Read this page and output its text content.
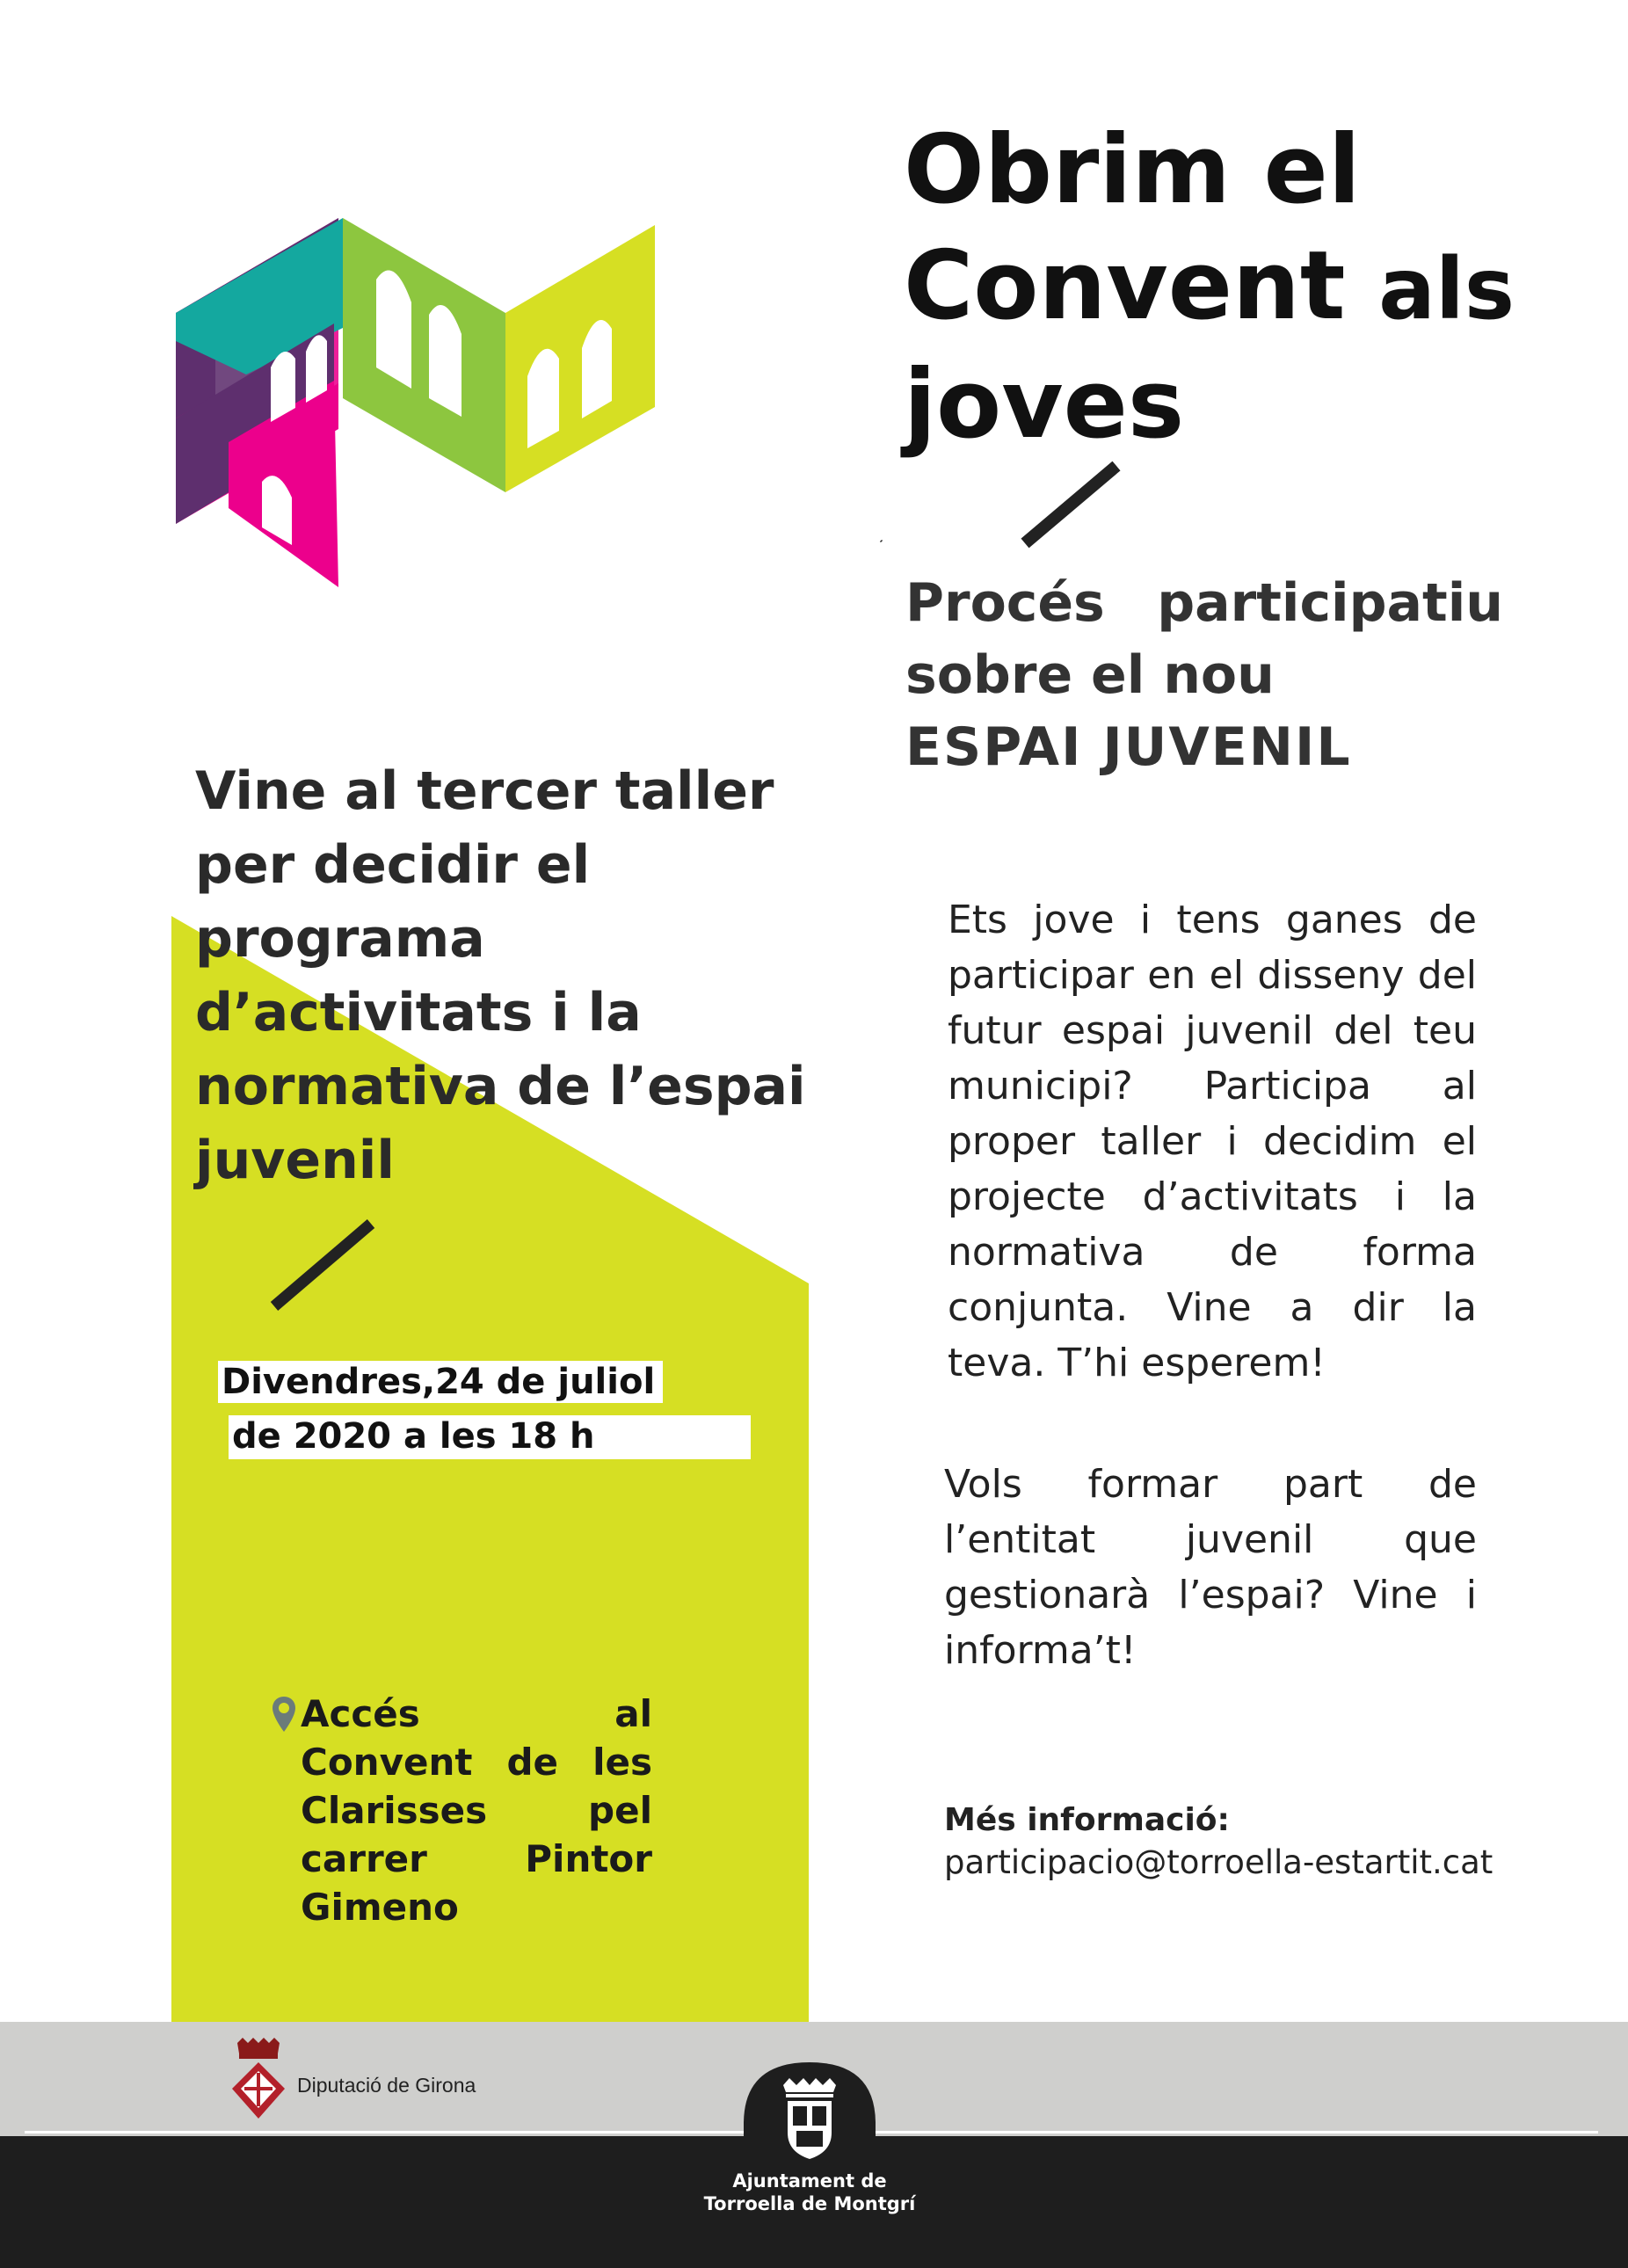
Obrim el
Convent als
joves
Procés participatiu
sobre el nou
ESPAI JUVENIL
Vine al tercer taller
per decidir el
programa
d’activitats i la
normativa de l’espai
juvenil
Divendres,24 de juliol
de 2020 a les 18 h
Accés al Convent de les Clarisses pel carrer Pintor Gimeno
Ets jove i tens ganes de participar en el disseny del futur espai juvenil del teu municipi? Participa al proper taller i decidim el projecte d’activitats i la normativa de forma conjunta. Vine a dir la teva. T’hi esperem!
Vols formar part de l’entitat juvenil que gestionarà l’espai? Vine i informa’t!
Més informació:
participacio@torroella-estartit.cat
Diputació de Girona
Ajuntament de
Torroella de Montgrí
